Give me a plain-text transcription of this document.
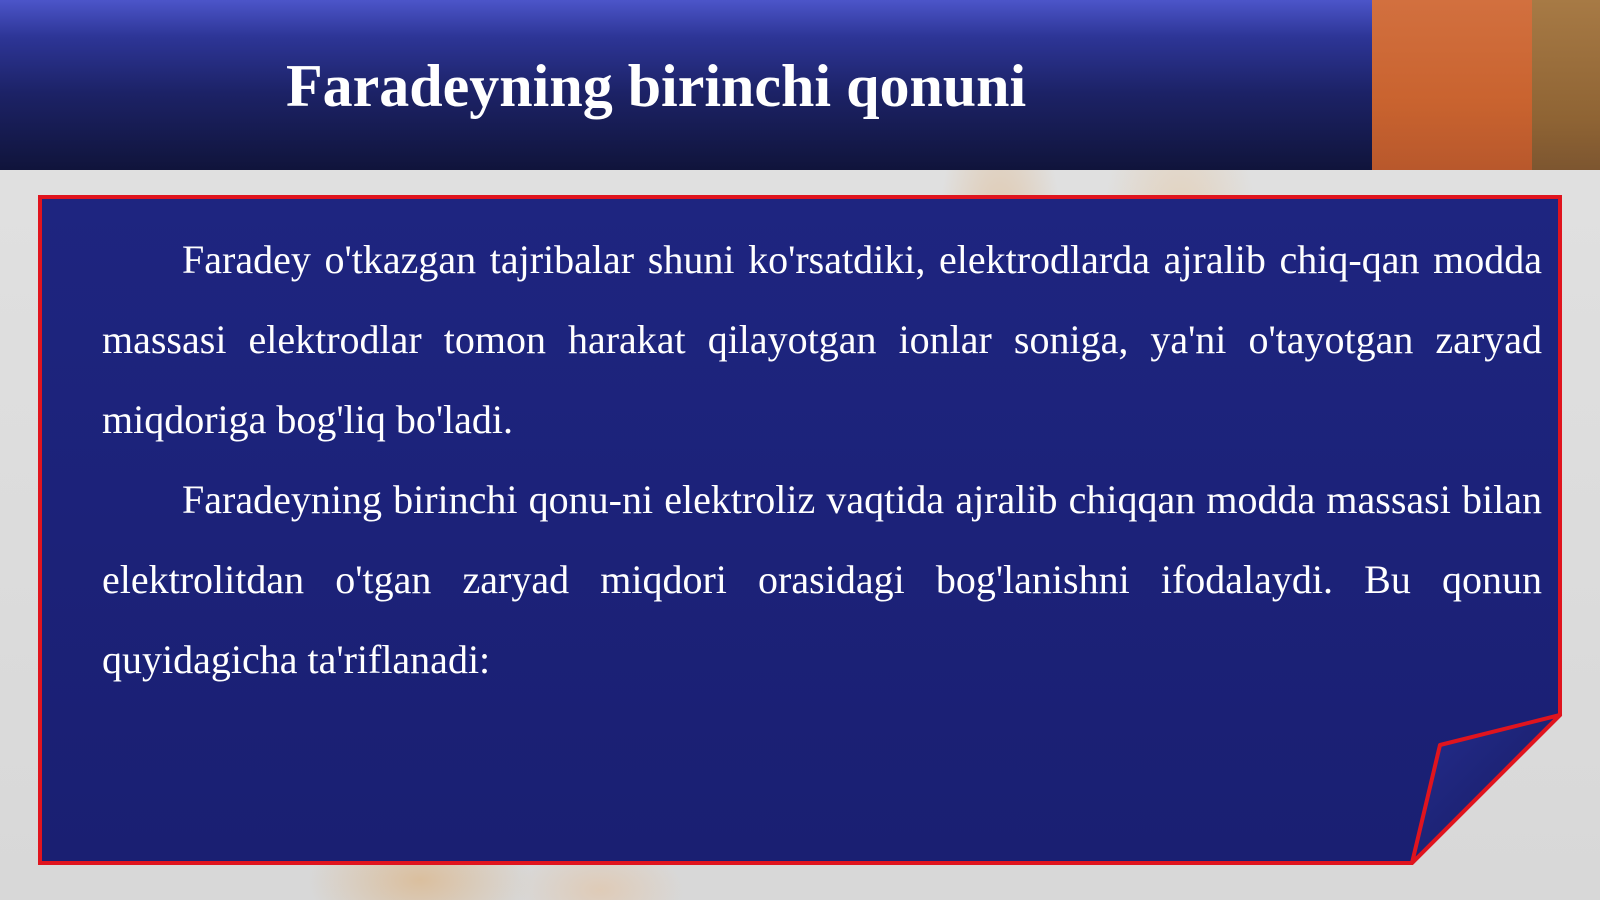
Faradeyning birinchi qonuni

Faradey o'tkazgan tajribalar shuni ko'rsatdiki, elektrodlarda ajralib chiq-qan modda massasi elektrodlar tomon harakat qilayotgan ionlar soniga, ya'ni o'tayotgan zaryad miqdoriga bog'liq bo'ladi.

Faradeyning birinchi qonu-ni elektroliz vaqtida ajralib chiqqan modda massasi bilan elektrolitdan o'tgan zaryad miqdori orasidagi bog'lanishni ifodalaydi. Bu qonun quyidagicha ta'riflanadi:
